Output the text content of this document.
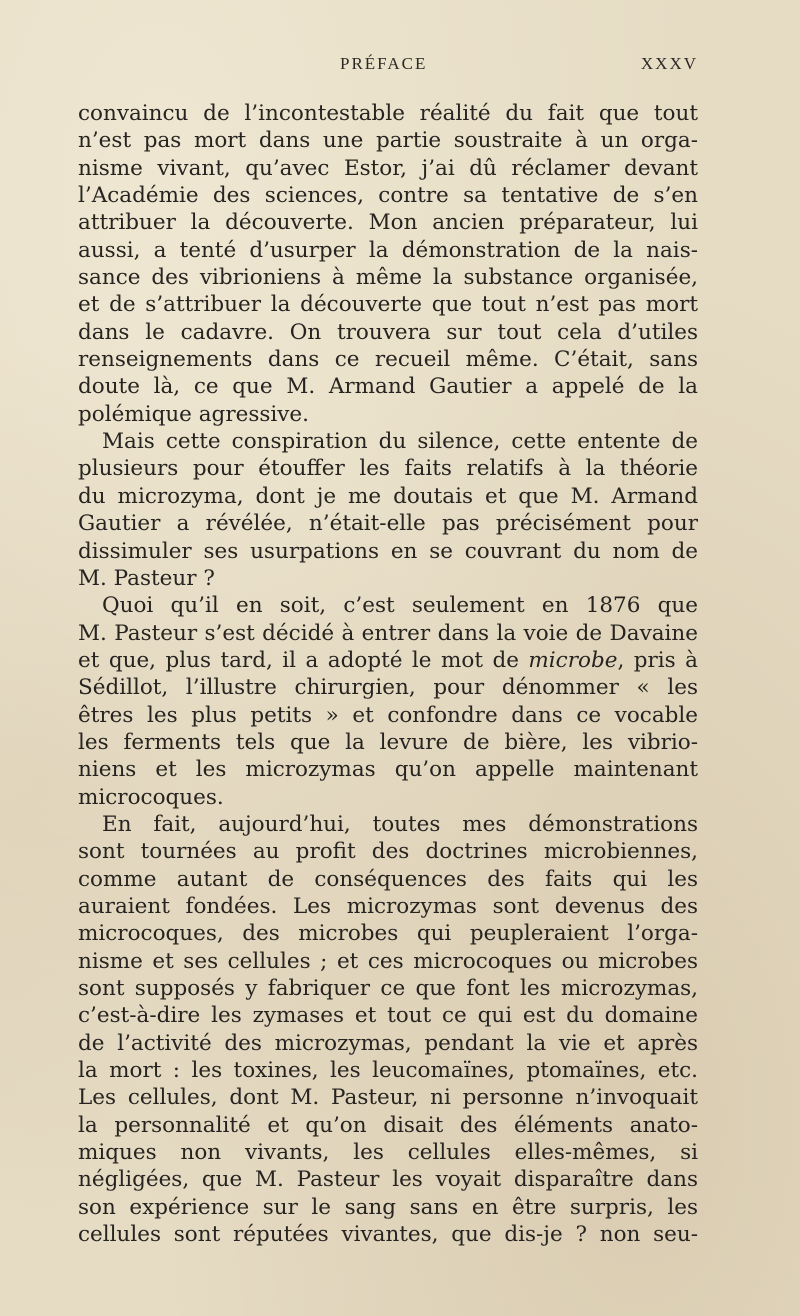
PRÉFACE	XXXV
convaincu de l’incontestable réalité du fait que tout
n’est pas mort dans une partie soustraite à un orga-
nisme vivant, qu’avec Estor, j’ai dû réclamer devant
l’Académie des sciences, contre sa tentative de s’en
attribuer la découverte. Mon ancien préparateur, lui
aussi, a tenté d’usurper la démonstration de la nais-
sance des vibrioniens à même la substance organisée,
et de s’attribuer la découverte que tout n’est pas mort
dans le cadavre. On trouvera sur tout cela d’utiles
renseignements dans ce recueil même. C’était, sans
doute là, ce que M. Armand Gautier a appelé de la
polémique agressive.
Mais cette conspiration du silence, cette entente de
plusieurs pour étouffer les faits relatifs à la théorie
du microzyma, dont je me doutais et que M. Armand
Gautier a révélée, n’était-elle pas précisément pour
dissimuler ses usurpations en se couvrant du nom de
M. Pasteur ?
Quoi qu’il en soit, c’est seulement en 1876 que
M. Pasteur s’est décidé à entrer dans la voie de Davaine
et que, plus tard, il a adopté le mot de microbe, pris à
Sédillot, l’illustre chirurgien, pour dénommer « les
êtres les plus petits » et confondre dans ce vocable
les ferments tels que la levure de bière, les vibrio-
niens et les microzymas qu’on appelle maintenant
microcoques.
En fait, aujourd’hui, toutes mes démonstrations
sont tournées au profit des doctrines microbiennes,
comme autant de conséquences des faits qui les
auraient fondées. Les microzymas sont devenus des
microcoques, des microbes qui peupleraient l’orga-
nisme et ses cellules ; et ces microcoques ou microbes
sont supposés y fabriquer ce que font les microzymas,
c’est-à-dire les zymases et tout ce qui est du domaine
de l’activité des microzymas, pendant la vie et après
la mort : les toxines, les leucomaïnes, ptomaïnes, etc.
Les cellules, dont M. Pasteur, ni personne n’invoquait
la personnalité et qu’on disait des éléments anato-
miques non vivants, les cellules elles-mêmes, si
négligées, que M. Pasteur les voyait disparaître dans
son expérience sur le sang sans en être surpris, les
cellules sont réputées vivantes, que dis-je ? non seu-
